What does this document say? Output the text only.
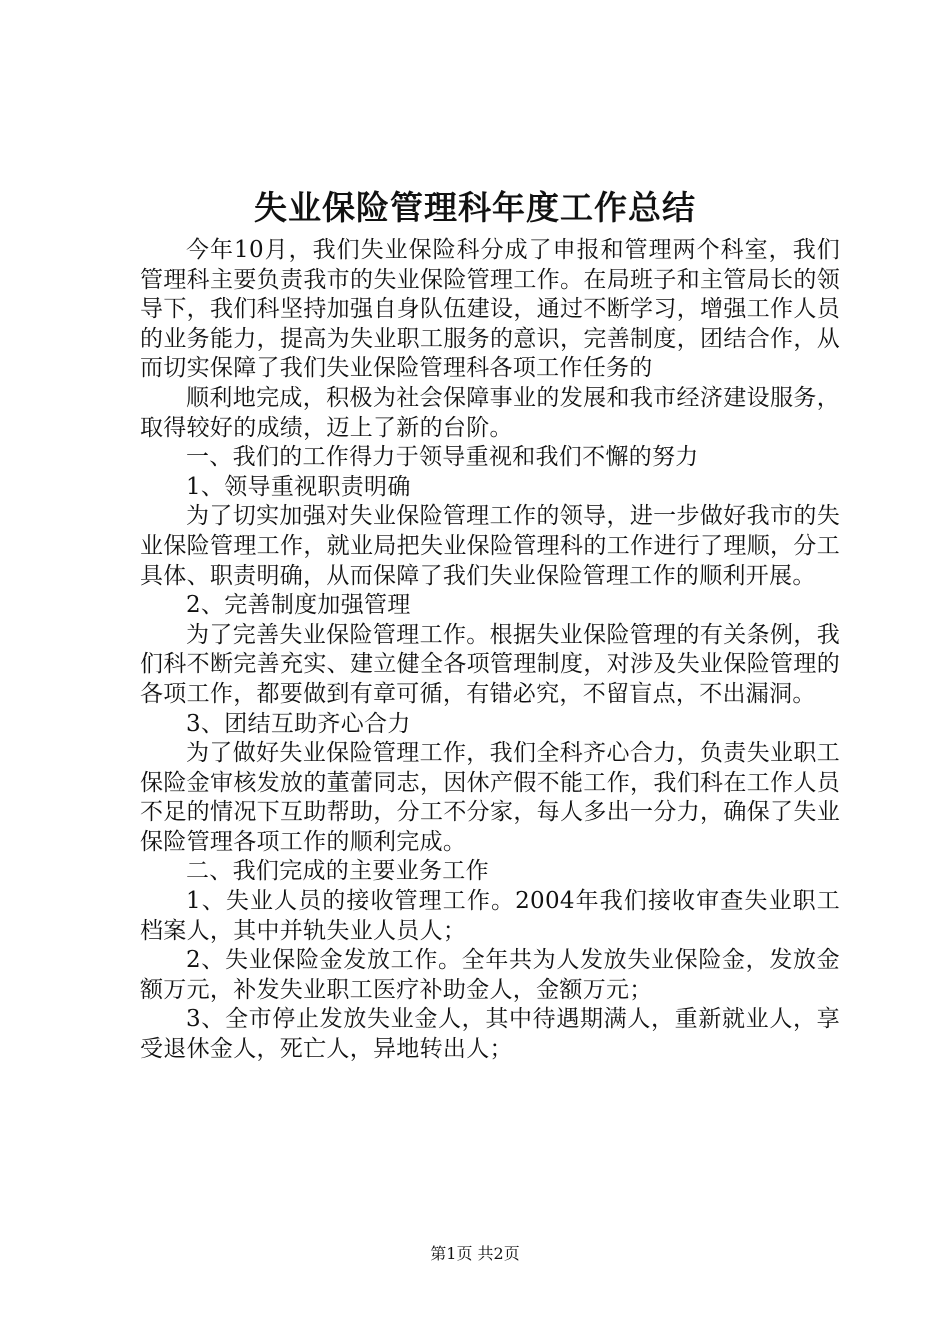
失业保险管理科年度工作总结

今年10月，我们失业保险科分成了申报和管理两个科室，我们管理科主要负责我市的失业保险管理工作。在局班子和主管局长的领导下，我们科坚持加强自身队伍建设，通过不断学习，增强工作人员的业务能力，提高为失业职工服务的意识，完善制度，团结合作，从而切实保障了我们失业保险管理科各项工作任务的

顺利地完成，积极为社会保障事业的发展和我市经济建设服务，取得较好的成绩，迈上了新的台阶。

一、我们的工作得力于领导重视和我们不懈的努力

1、领导重视职责明确

为了切实加强对失业保险管理工作的领导，进一步做好我市的失业保险管理工作，就业局把失业保险管理科的工作进行了理顺，分工具体、职责明确，从而保障了我们失业保险管理工作的顺利开展。

2、完善制度加强管理

为了完善失业保险管理工作。根据失业保险管理的有关条例，我们科不断完善充实、建立健全各项管理制度，对涉及失业保险管理的各项工作，都要做到有章可循，有错必究，不留盲点，不出漏洞。

3、团结互助齐心合力

为了做好失业保险管理工作，我们全科齐心合力，负责失业职工保险金审核发放的董蕾同志，因休产假不能工作，我们科在工作人员不足的情况下互助帮助，分工不分家，每人多出一分力，确保了失业保险管理各项工作的顺利完成。

二、我们完成的主要业务工作

1、失业人员的接收管理工作。2004年我们接收审查失业职工档案人，其中并轨失业人员人；

2、失业保险金发放工作。全年共为人发放失业保险金，发放金额万元，补发失业职工医疗补助金人，金额万元；

3、全市停止发放失业金人，其中待遇期满人，重新就业人，享受退休金人，死亡人，异地转出人；

第1页 共2页
